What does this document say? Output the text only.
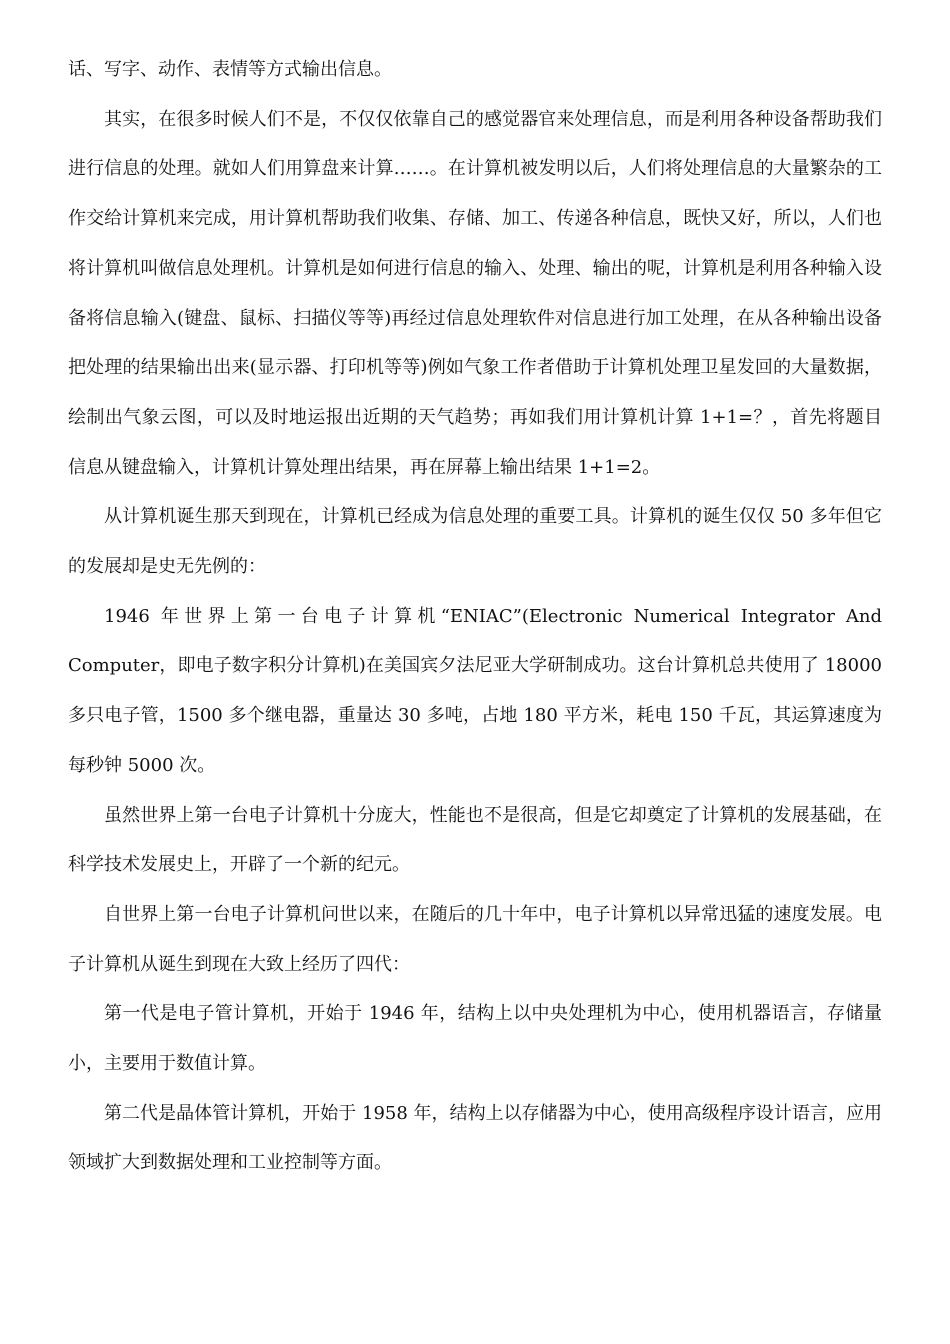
话、写字、动作、表情等方式输出信息。

其实，在很多时候人们不是，不仅仅依靠自己的感觉器官来处理信息，而是利用各种设备帮助我们进行信息的处理。就如人们用算盘来计算……。在计算机被发明以后，人们将处理信息的大量繁杂的工作交给计算机来完成，用计算机帮助我们收集、存储、加工、传递各种信息，既快又好，所以，人们也将计算机叫做信息处理机。计算机是如何进行信息的输入、处理、输出的呢，计算机是利用各种输入设备将信息输入(键盘、鼠标、扫描仪等等)再经过信息处理软件对信息进行加工处理，在从各种输出设备把处理的结果输出出来(显示器、打印机等等)例如气象工作者借助于计算机处理卫星发回的大量数据，绘制出气象云图，可以及时地运报出近期的天气趋势；再如我们用计算机计算 1+1=？，首先将题目信息从键盘输入，计算机计算处理出结果，再在屏幕上输出结果 1+1=2。

从计算机诞生那天到现在，计算机已经成为信息处理的重要工具。计算机的诞生仅仅 50 多年但它的发展却是史无先例的：

1946 年世界上第一台电子计算机“ENIAC”(Electronic Numerical Integrator And Computer，即电子数字积分计算机)在美国宾夕法尼亚大学研制成功。这台计算机总共使用了 18000 多只电子管，1500 多个继电器，重量达 30 多吨，占地 180 平方米，耗电 150 千瓦，其运算速度为每秒钟 5000 次。

虽然世界上第一台电子计算机十分庞大，性能也不是很高，但是它却奠定了计算机的发展基础，在科学技术发展史上，开辟了一个新的纪元。

自世界上第一台电子计算机问世以来，在随后的几十年中，电子计算机以异常迅猛的速度发展。电子计算机从诞生到现在大致上经历了四代：

第一代是电子管计算机，开始于 1946 年，结构上以中央处理机为中心，使用机器语言，存储量小，主要用于数值计算。

第二代是晶体管计算机，开始于 1958 年，结构上以存储器为中心，使用高级程序设计语言，应用领域扩大到数据处理和工业控制等方面。
